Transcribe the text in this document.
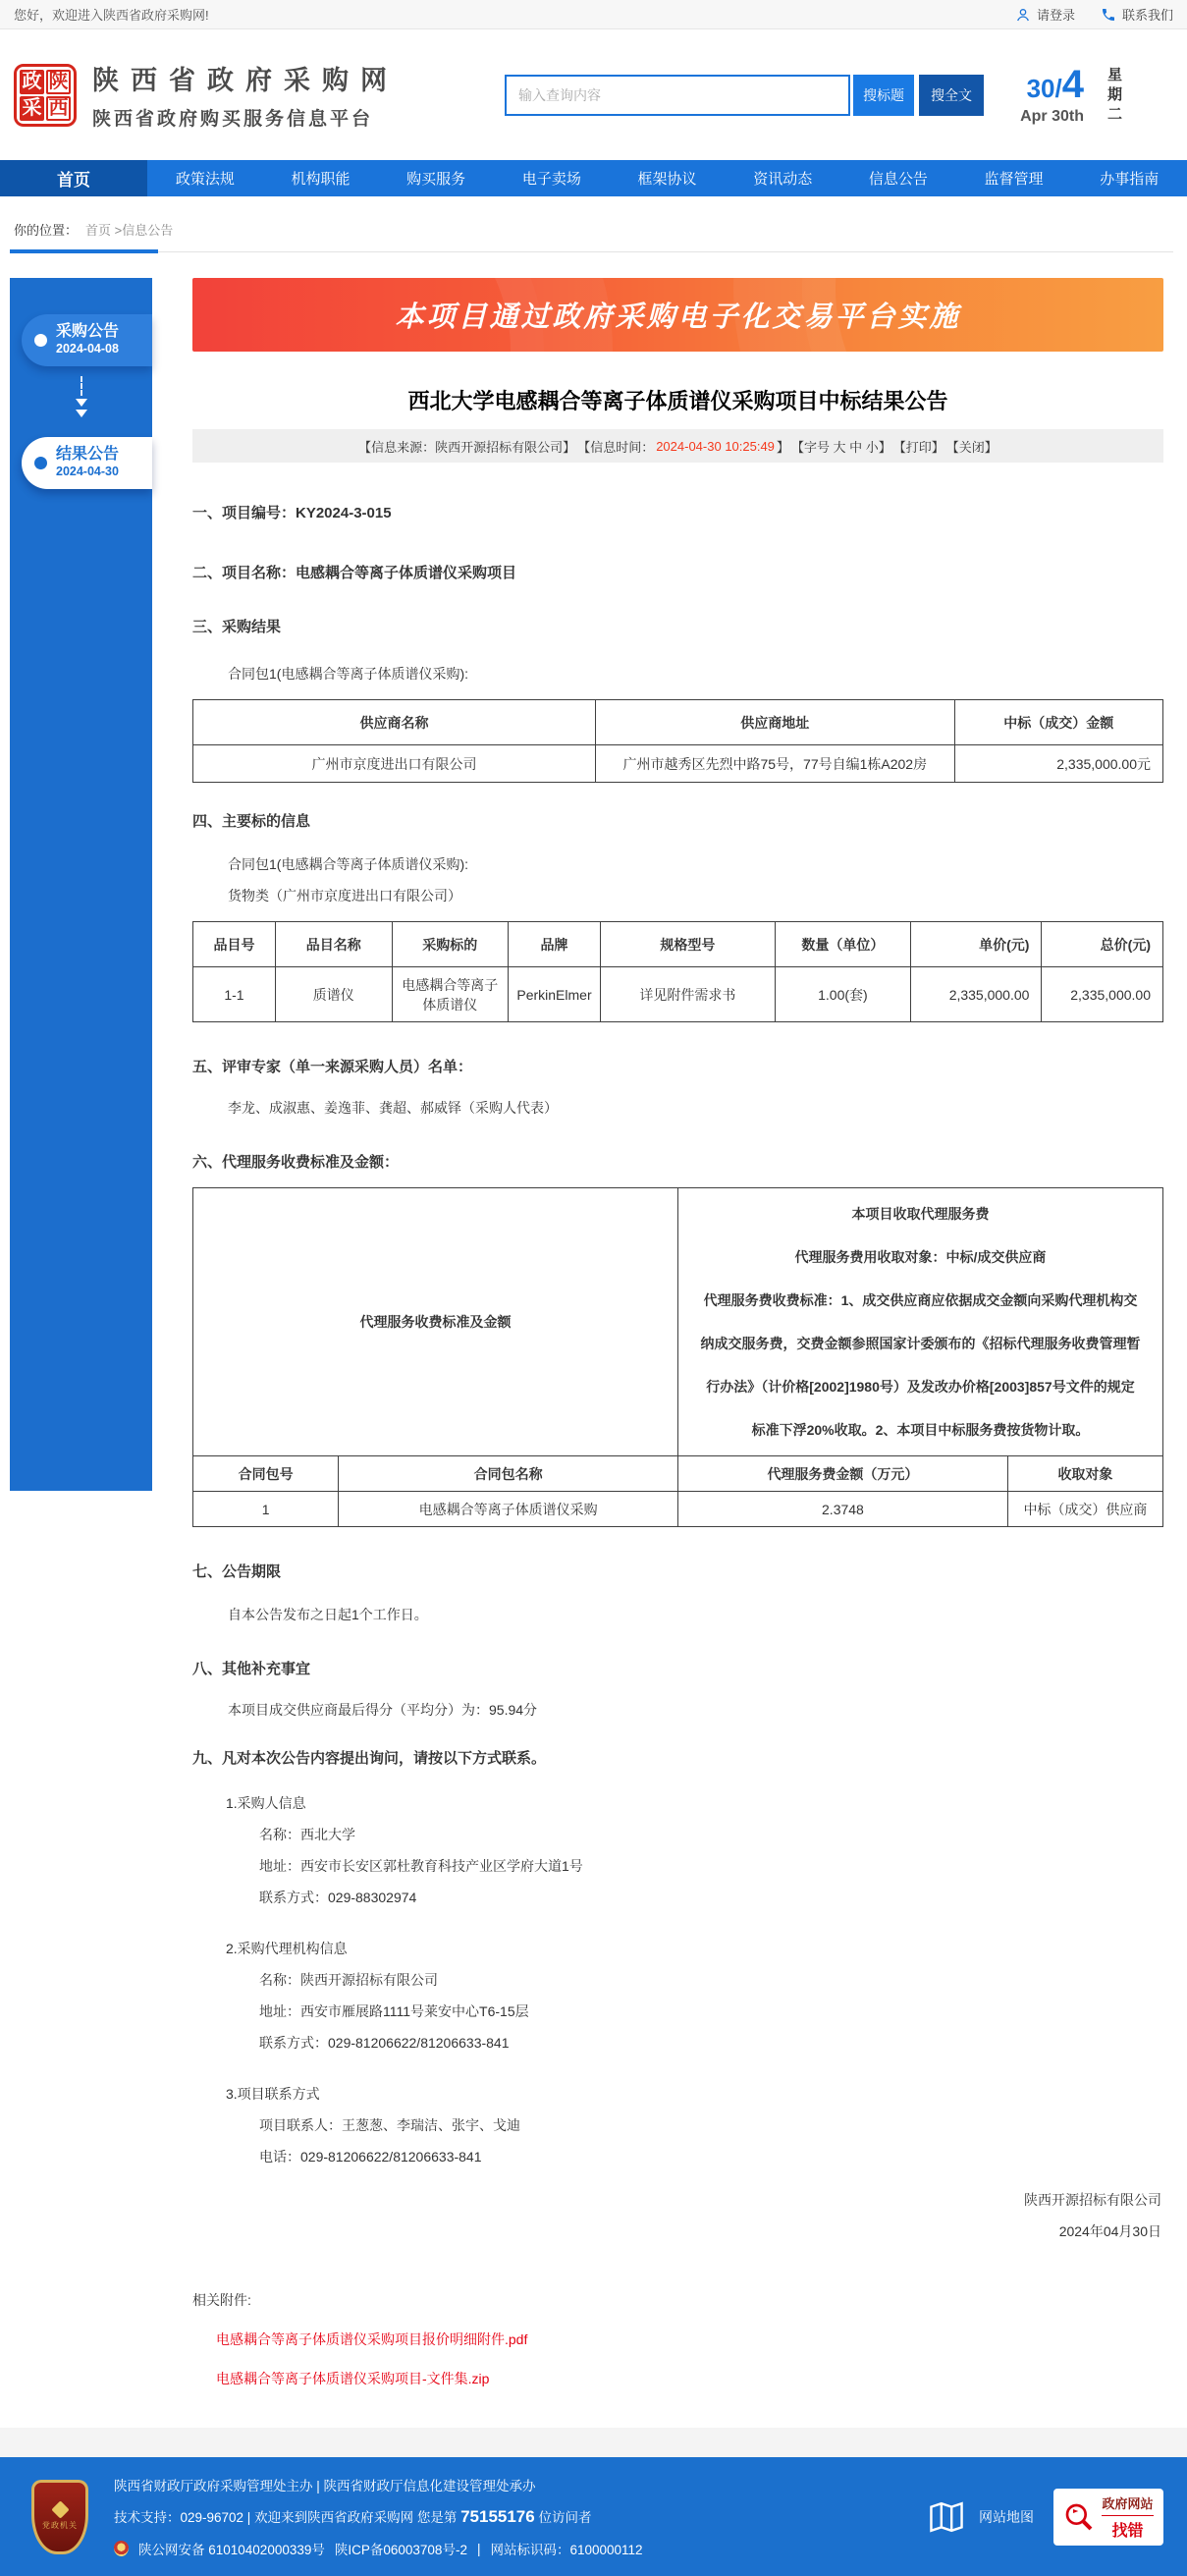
您好，欢迎进入陕西省政府采购网!	请登录	联系我们
政 陕
采 西
陕西省政府采购网
陕西省政府购买服务信息平台
输入查询内容
搜标题	搜全文	30/4
Apr 30th 星期二
首页	政策法规	机构职能	购买服务	电子卖场	框架协议	资讯动态	信息公告	监督管理	办事指南
你的位置： 首页 >信息公告
采购公告
2024-04-08
结果公告
2024-04-30
本项目通过政府采购电子化交易平台实施
西北大学电感耦合等离子体质谱仪采购项目中标结果公告
【信息来源：陕西开源招标有限公司】 【信息时间： 2024-04-30 10:25:49 】 【字号 大 中 小】 【打印】 【关闭】
一、项目编号：KY2024-3-015
二、项目名称：电感耦合等离子体质谱仪采购项目
三、采购结果
合同包1(电感耦合等离子体质谱仪采购):
供应商名称	供应商地址	中标（成交）金额
广州市京度进出口有限公司	广州市越秀区先烈中路75号，77号自编1栋A202房	2,335,000.00元
四、主要标的信息
合同包1(电感耦合等离子体质谱仪采购):
货物类（广州市京度进出口有限公司）
品目号	品目名称	采购标的	品牌	规格型号	数量（单位）	单价(元)	总价(元)
1-1	质谱仪	电感耦合等离子体质谱仪	PerkinElmer	详见附件需求书	1.00(套)	2,335,000.00	2,335,000.00
五、评审专家（单一来源采购人员）名单：
李龙、成淑惠、姜逸菲、龚超、郝威铎（采购人代表）
六、代理服务收费标准及金额：
代理服务收费标准及金额		本项目收取代理服务费

代理服务费用收取对象：中标/成交供应商

代理服务费收费标准：1、成交供应商应依据成交金额向采购代理机构交纳成交服务费，交费金额参照国家计委颁布的《招标代理服务收费管理暂行办法》（计价格[2002]1980号）及发改办价格[2003]857号文件的规定标准下浮20%收取。2、本项目中标服务费按货物计取。	

合同包号	合同包名称	代理服务费金额（万元）	收取对象
1	电感耦合等离子体质谱仪采购	2.3748	中标（成交）供应商
七、公告期限
自本公告发布之日起1个工作日。
八、其他补充事宜
本项目成交供应商最后得分（平均分）为：95.94分
九、凡对本次公告内容提出询问，请按以下方式联系。
1.采购人信息
名称：西北大学
地址：西安市长安区郭杜教育科技产业区学府大道1号
联系方式：029-88302974
2.采购代理机构信息
名称：陕西开源招标有限公司
地址：西安市雁展路1111号莱安中心T6-15层
联系方式：029-81206622/81206633-841
3.项目联系方式
项目联系人：王葱葱、李瑞洁、张宇、戈迪
电话：029-81206622/81206633-841
陕西开源招标有限公司
2024年04月30日
相关附件:
电感耦合等离子体质谱仪采购项目报价明细附件.pdf
电感耦合等离子体质谱仪采购项目-文件集.zip
党政机关
陕西省财政厅政府采购管理处主办 | 陕西省财政厅信息化建设管理处承办
技术支持：029-96702 | 欢迎来到陕西省政府采购网 您是第 75155176 位访问者
陕公网安备 61010402000339号 陕ICP备06003708号-2 | 网站标识码：6100000112
网站地图
政府网站
找错
